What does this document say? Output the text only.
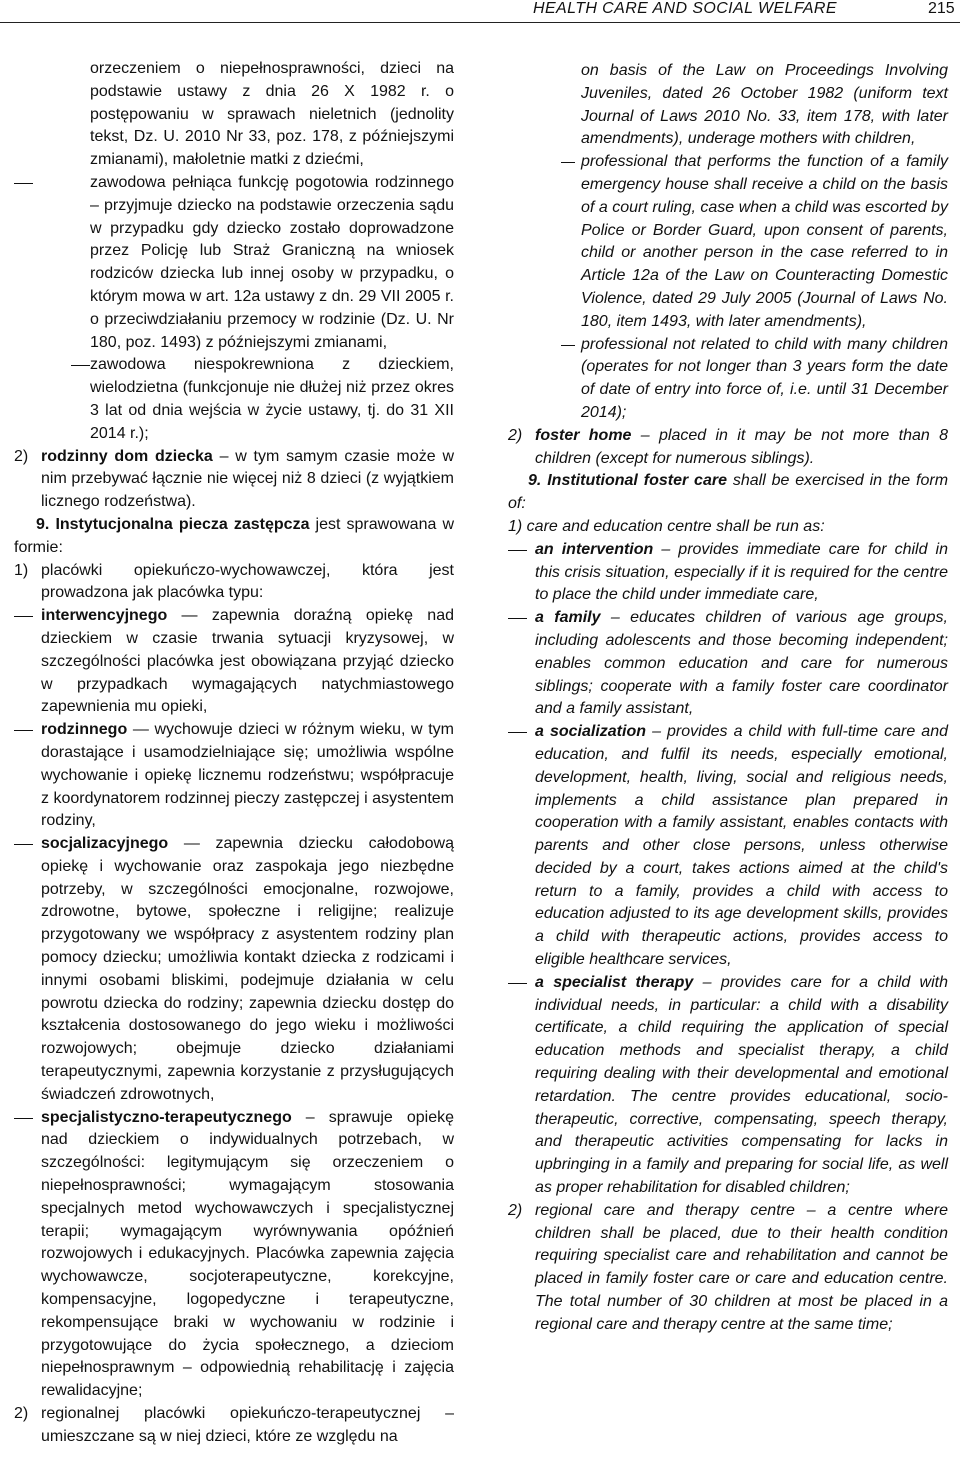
HEALTH CARE AND SOCIAL WELFARE	215

orzeczeniem o niepełnosprawności, dzieci na podstawie ustawy z dnia 26 X 1982 r. o postępowaniu w sprawach nieletnich (jednolity tekst, Dz. U. 2010 Nr 33, poz. 178, z późniejszymi zmianami), małoletnie matki z dziećmi,

zawodowa pełniąca funkcję pogotowia rodzinnego – przyjmuje dziecko na podstawie orzeczenia sądu w przypadku gdy dziecko zostało doprowadzone przez Policję lub Straż Graniczną na wniosek rodziców dziecka lub innej osoby w przypadku, o którym mowa w art. 12a ustawy z dn. 29 VII 2005 r. o przeciwdziałaniu przemocy w rodzinie (Dz. U. Nr 180, poz. 1493) z późniejszymi zmianami,

zawodowa niespokrewniona z dzieckiem, wielodzietna (funkcjonuje nie dłużej niż przez okres 3 lat od dnia wejścia w życie ustawy, tj. do 31 XII 2014 r.);

2) rodzinny dom dziecka – w tym samym czasie może w nim przebywać łącznie nie więcej niż 8 dzieci (z wyjątkiem licznego rodzeństwa).

9. Instytucjonalna piecza zastępcza jest sprawowana w formie:

1) placówki opiekuńczo-wychowawczej, która jest prowadzona jak placówka typu:

interwencyjnego — zapewnia doraźną opiekę nad dzieckiem w czasie trwania sytuacji kryzysowej, w szczególności placówka jest obowiązana przyjąć dziecko w przypadkach wymagających natychmiastowego zapewnienia mu opieki,

rodzinnego — wychowuje dzieci w różnym wieku, w tym dorastające i usamodzielniające się; umożliwia wspólne wychowanie i opiekę licznemu rodzeństwu; współpracuje z koordynatorem rodzinnej pieczy zastępczej i asystentem rodziny,

socjalizacyjnego — zapewnia dziecku całodobową opiekę i wychowanie oraz zaspokaja jego niezbędne potrzeby, w szczególności emocjonalne, rozwojowe, zdrowotne, bytowe, społeczne i religijne; realizuje przygotowany we współpracy z asystentem rodziny plan pomocy dziecku; umożliwia kontakt dziecka z rodzicami i innymi osobami bliskimi, podejmuje działania w celu powrotu dziecka do rodziny; zapewnia dziecku dostęp do kształcenia dostosowanego do jego wieku i możliwości rozwojowych; obejmuje dziecko działaniami terapeutycznymi, zapewnia korzystanie z przysługujących świadczeń zdrowotnych,

specjalistyczno-terapeutycznego – sprawuje opiekę nad dzieckiem o indywidualnych potrzebach, w szczególności: legitymującym się orzeczeniem o niepełnosprawności; wymagającym stosowania specjalnych metod wychowawczych i specjalistycznej terapii; wymagającym wyrównywania opóźnień rozwojowych i edukacyjnych. Placówka zapewnia zajęcia wychowawcze, socjoterapeutyczne, korekcyjne, kompensacyjne, logopedyczne i terapeutyczne, rekompensujące braki w wychowaniu w rodzinie i przygotowujące do życia społecznego, a dzieciom niepełnosprawnym – odpowiednią rehabilitację i zajęcia rewalidacyjne;

2) regionalnej placówki opiekuńczo-terapeutycznej – umieszczane są w niej dzieci, które ze względu na

on basis of the Law on Proceedings Involving Juveniles, dated 26 October 1982 (uniform text Journal of Laws 2010 No. 33, item 178, with later amendments), underage mothers with children,

professional that performs the function of a family emergency house shall receive a child on the basis of a court ruling, case when a child was escorted by Police or Border Guard, upon consent of parents, child or another person in the case referred to in Article 12a of the Law on Counteracting Domestic Violence, dated 29 July 2005 (Journal of Laws No. 180, item 1493, with later amendments),

professional not related to child with many children (operates for not longer than 3 years form the date of date of entry into force of, i.e. until 31 December 2014);

2) foster home – placed in it may be not more than 8 children (except for numerous siblings).

9. Institutional foster care shall be exercised in the form of:

1) care and education centre shall be run as:

an intervention – provides immediate care for child in this crisis situation, especially if it is required for the centre to place the child under immediate care,

a family – educates children of various age groups, including adolescents and those becoming independent; enables common education and care for numerous siblings; cooperate with a family foster care coordinator and a family assistant,

a socialization – provides a child with full-time care and education, and fulfil its needs, especially emotional, development, health, living, social and religious needs, implements a child assistance plan prepared in cooperation with a family assistant, enables contacts with parents and other close persons, unless otherwise decided by a court, takes actions aimed at the child's return to a family, provides a child with access to education adjusted to its age development skills, provides a child with therapeutic actions, provides access to eligible healthcare services,

a specialist therapy – provides care for a child with individual needs, in particular: a child with a disability certificate, a child requiring the application of special education methods and specialist therapy, a child requiring dealing with their developmental and emotional retardation. The centre provides educational, socio-therapeutic, corrective, compensating, speech therapy, and therapeutic activities compensating for lacks in upbringing in a family and preparing for social life, as well as proper rehabilitation for disabled children;

2) regional care and therapy centre – a centre where children shall be placed, due to their health condition requiring specialist care and rehabilitation and cannot be placed in family foster care or care and education centre. The total number of 30 children at most be placed in a regional care and therapy centre at the same time;
